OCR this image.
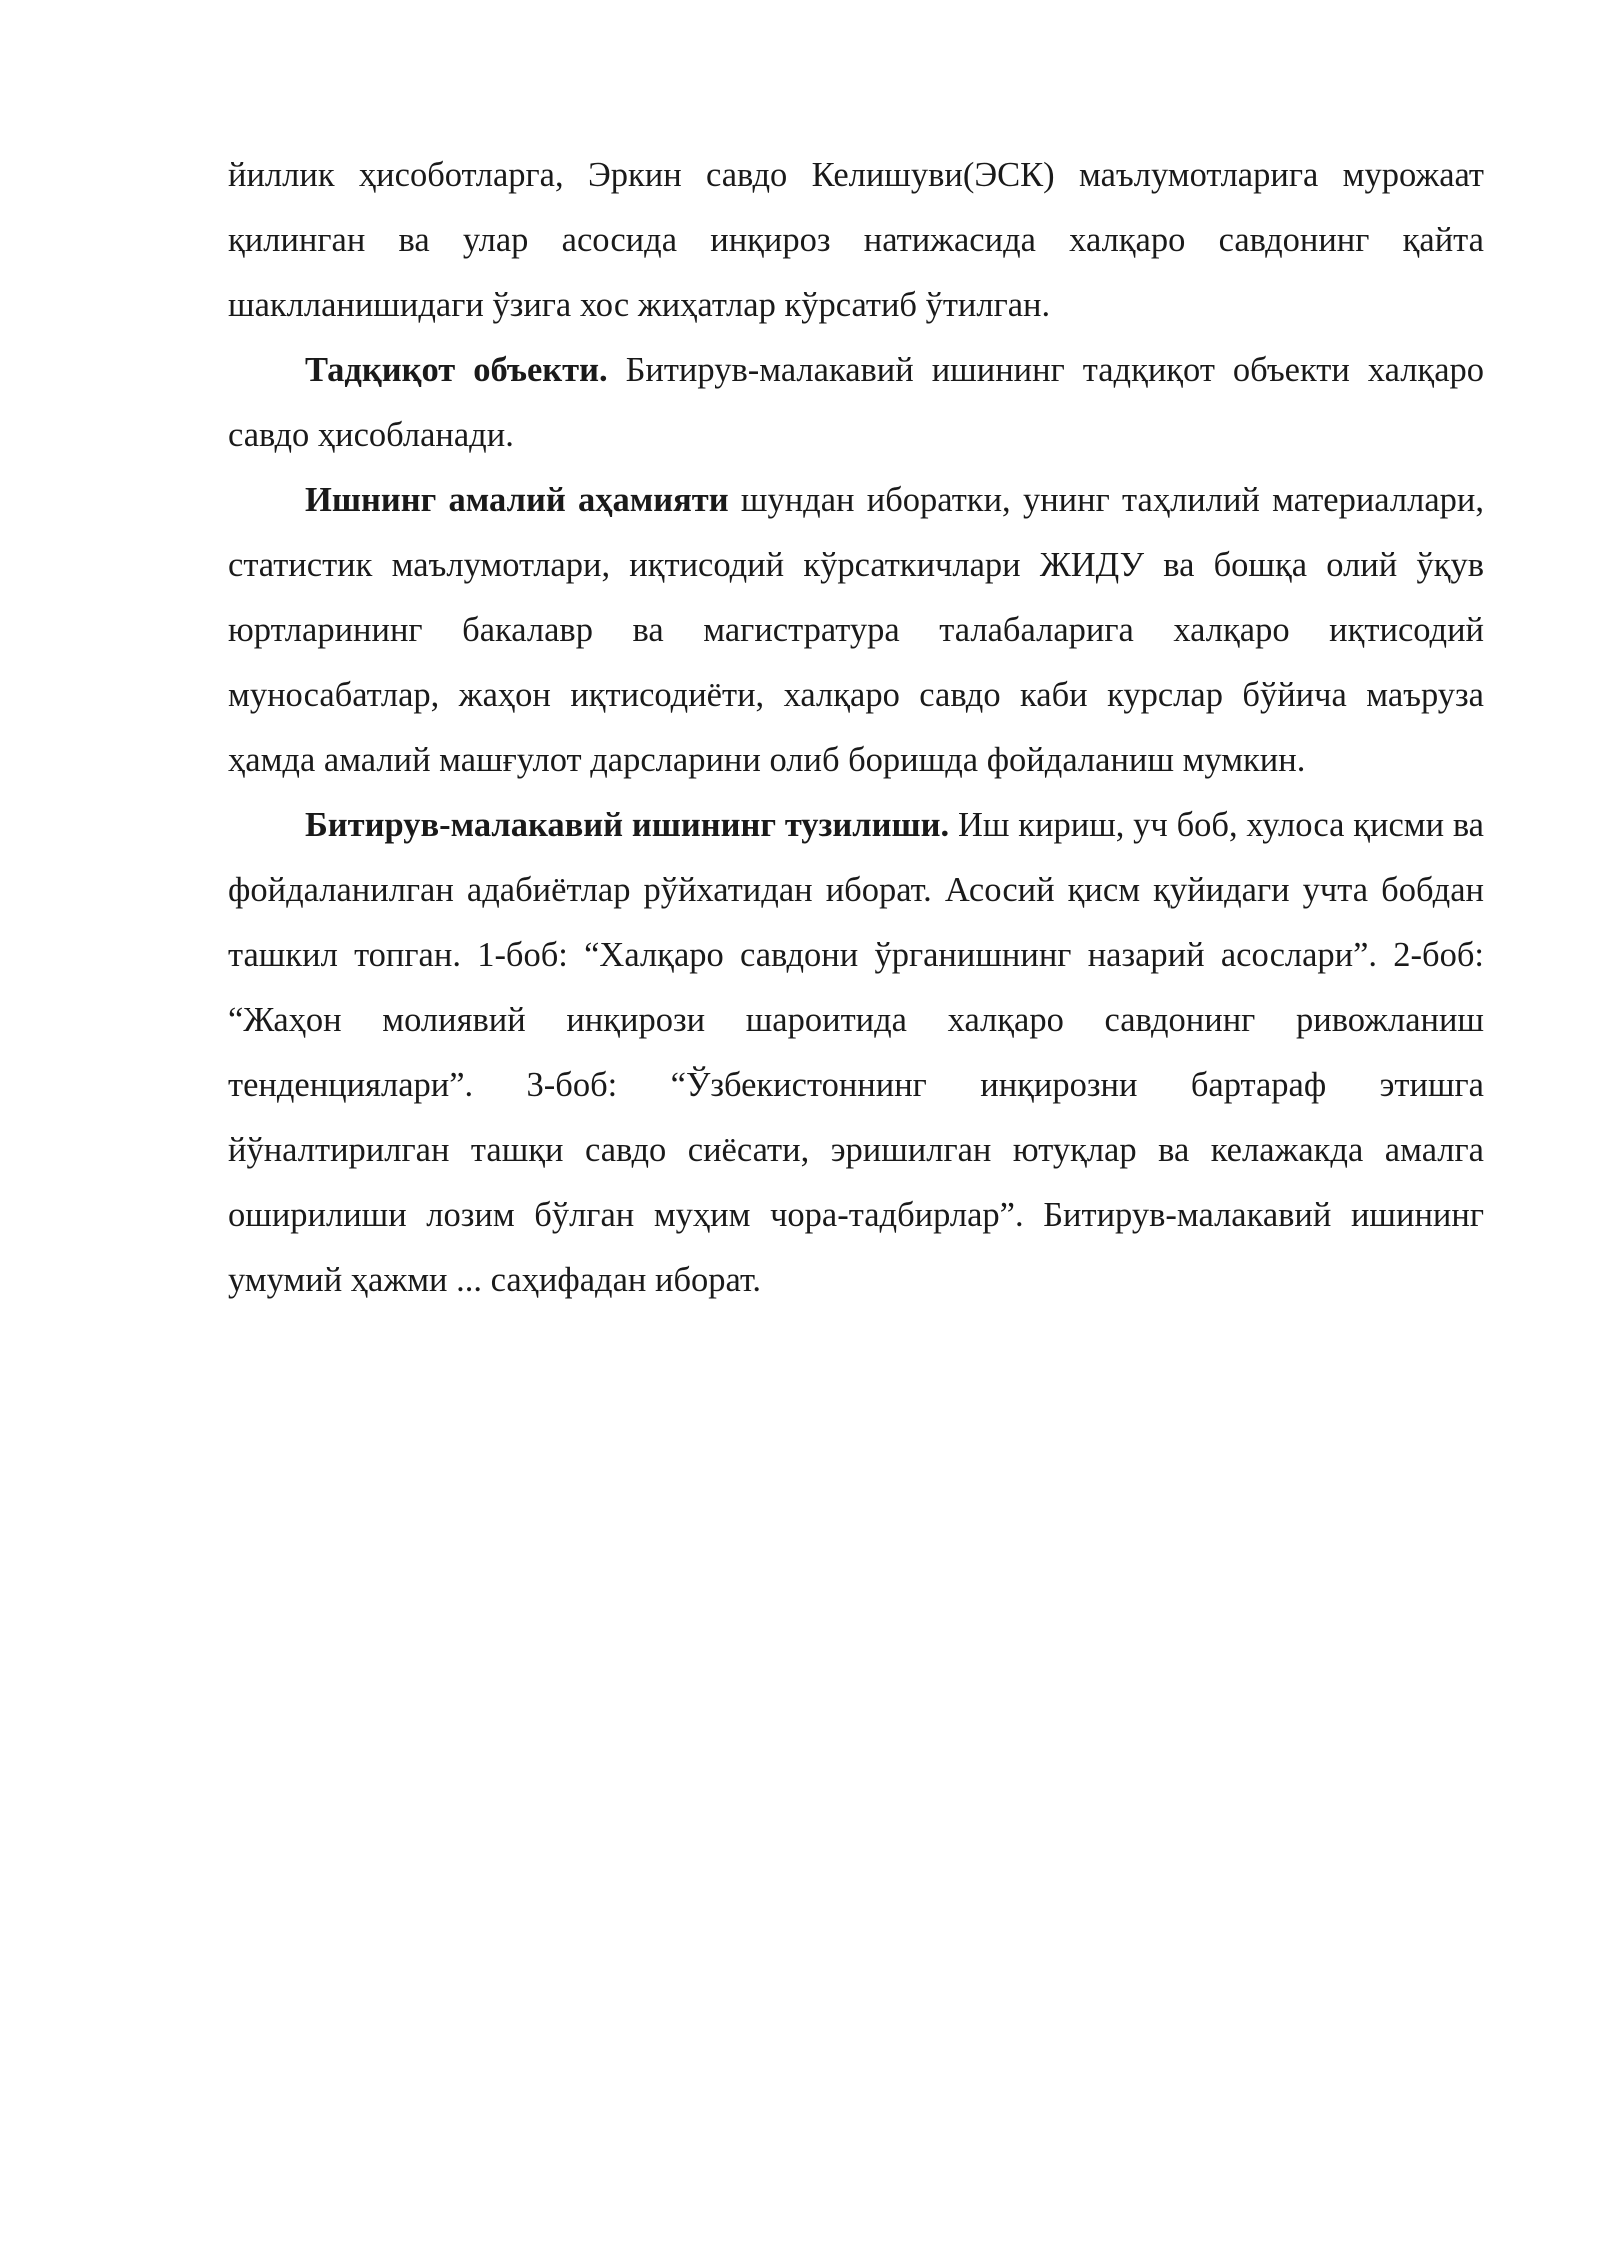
йиллик ҳисоботларга, Эркин савдо Келишуви(ЭСК) маълумотларига мурожаат қилинган ва улар асосида инқироз натижасида халқаро савдонинг қайта шаклланишидаги ўзига хос жиҳатлар кўрсатиб ўтилган.

Тадқиқот объекти. Битирув-малакавий ишининг тадқиқот объекти халқаро савдо ҳисобланади.

Ишнинг амалий аҳамияти шундан иборатки, унинг таҳлилий материаллари, статистик маълумотлари, иқтисодий кўрсаткичлари ЖИДУ ва бошқа олий ўқув юртларининг бакалавр ва магистратура талабаларига халқаро иқтисодий муносабатлар, жаҳон иқтисодиёти, халқаро савдо каби курслар бўйича маъруза ҳамда амалий машғулот дарсларини олиб боришда фойдаланиш мумкин.

Битирув-малакавий ишининг тузилиши. Иш кириш, уч боб, хулоса қисми ва фойдаланилган адабиётлар рўйхатидан иборат. Асосий қисм қуйидаги учта бобдан ташкил топган. 1-боб: “Халқаро савдони ўрганишнинг назарий асослари”. 2-боб: “Жаҳон молиявий инқирози шароитида халқаро савдонинг ривожланиш тенденциялари”. 3-боб: “Ўзбекистоннинг инқирозни бартараф этишга йўналтирилган ташқи савдо сиёсати, эришилган ютуқлар ва келажакда амалга оширилиши лозим бўлган муҳим чора-тадбирлар”. Битирув-малакавий ишининг умумий ҳажми ... саҳифадан иборат.
